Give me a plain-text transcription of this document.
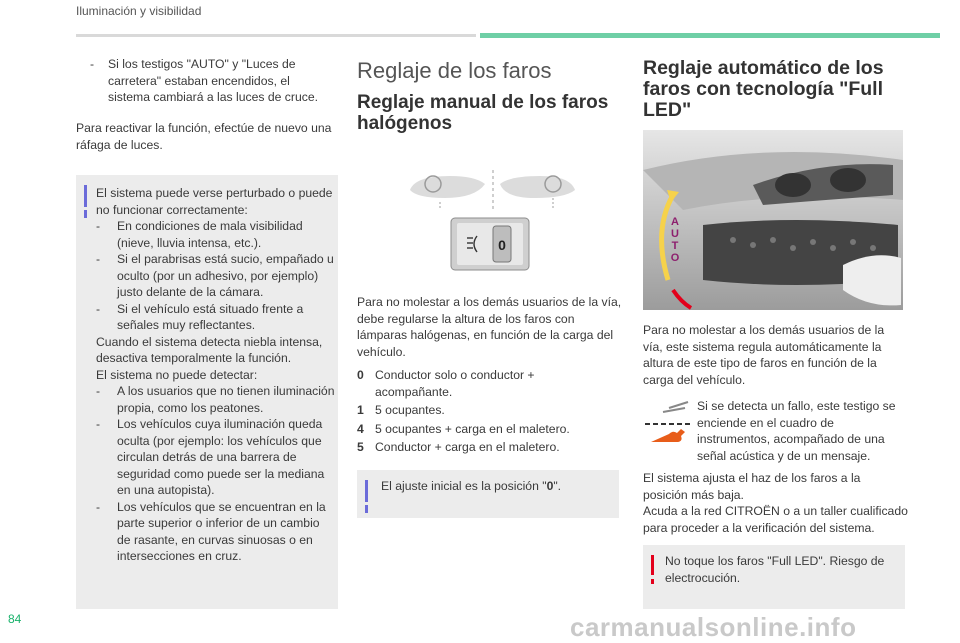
Iluminación y visibilidad
-	Si los testigos "AUTO" y "Luces de carretera" estaban encendidos, el sistema cambiará a las luces de cruce.

Para reactivar la función, efectúe de nuevo una ráfaga de luces.

El sistema puede verse perturbado o puede no funcionar correctamente:

-	En condiciones de mala visibilidad (nieve, lluvia intensa, etc.).

-	Si el parabrisas está sucio, empañado u oculto (por un adhesivo, por ejemplo) justo delante de la cámara.

-	Si el vehículo está situado frente a señales muy reflectantes.

Cuando el sistema detecta niebla intensa, desactiva temporalmente la función.

El sistema no puede detectar:

-	A los usuarios que no tienen iluminación propia, como los peatones.

-	Los vehículos cuya iluminación queda oculta (por ejemplo: los vehículos que circulan detrás de una barrera de seguridad como puede ser la mediana en una autopista).

-	Los vehículos que se encuentran en la parte superior o inferior de un cambio de rasante, en curvas sinuosas o en intersecciones en cruz.

Reglaje de los faros
Reglaje manual de los faros halógenos
0

Para no molestar a los demás usuarios de la vía, debe regularse la altura de los faros con lámparas halógenas, en función de la carga del vehículo.

0 Conductor solo o conductor + acompañante.
1 5 ocupantes.
4 5 ocupantes + carga en el maletero.
5 Conductor + carga en el maletero.

El ajuste inicial es la posición "0".

Reglaje automático de los
faros con tecnología "Full
LED"
A
U
T
O

Para no molestar a los demás usuarios de la vía, este sistema regula automáticamente la altura de este tipo de faros en función de la carga del vehículo.

Si se detecta un fallo, este testigo se enciende en el cuadro de instrumentos, acompañado de una señal acústica y de un mensaje.

El sistema ajusta el haz de los faros a la posición más baja.

Acuda a la red CITROËN o a un taller cualificado para proceder a la verificación del sistema.

No toque los faros "Full LED". Riesgo de electrocución.

84	carmanualsonline.info
